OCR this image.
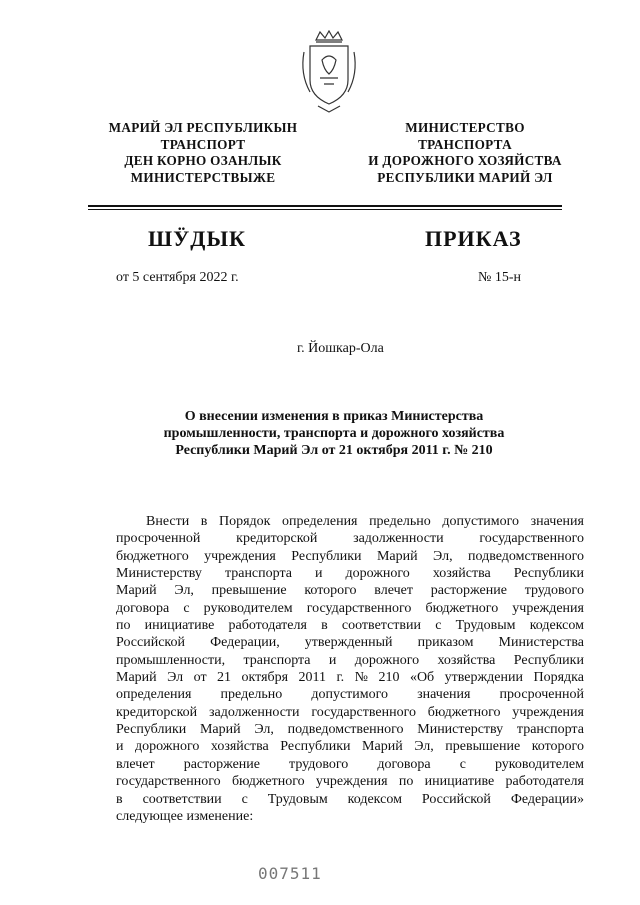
МАРИЙ ЭЛ РЕСПУБЛИКЫН
ТРАНСПОРТ
ДЕН КОРНО ОЗАНЛЫК
МИНИСТЕРСТВЫЖЕ
МИНИСТЕРСТВО
ТРАНСПОРТА
И ДОРОЖНОГО ХОЗЯЙСТВА
РЕСПУБЛИКИ МАРИЙ ЭЛ
ШӰДЫК	ПРИКАЗ
от 5 сентября 2022 г.	№ 15-н
г. Йошкар-Ола
О внесении изменения в приказ Министерства
промышленности, транспорта и дорожного хозяйства
Республики Марий Эл от 21 октября 2011 г. № 210
Внести в Порядок определения предельно допустимого значения
просроченной	кредиторской	задолженности	государственного
бюджетного учреждения Республики Марий Эл, подведомственного
Министерству транспорта и дорожного хозяйства Республики
Марий Эл, превышение которого влечет расторжение трудового
договора с руководителем государственного бюджетного учреждения
по инициативе работодателя в соответствии с Трудовым кодексом
Российской Федерации, утвержденный приказом Министерства
промышленности, транспорта и дорожного хозяйства Республики
Марий Эл от 21 октября 2011 г. № 210 «Об утверждении Порядка
определения предельно допустимого значения просроченной
кредиторской задолженности государственного бюджетного учреждения
Республики Марий Эл, подведомственного Министерству транспорта
и дорожного хозяйства Республики Марий Эл, превышение которого
влечет расторжение трудового договора с руководителем
государственного бюджетного учреждения по инициативе работодателя
в соответствии с Трудовым кодексом Российской Федерации»
следующее изменение:
007511
